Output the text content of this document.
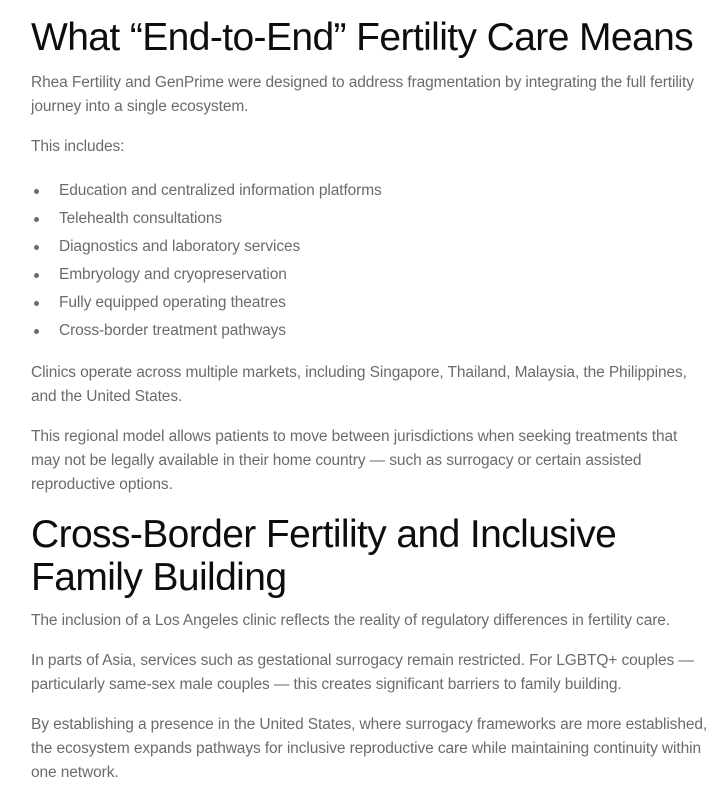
What “End-to-End” Fertility Care Means

Rhea Fertility and GenPrime were designed to address fragmentation by integrating the full fertility journey into a single ecosystem.

This includes:

Education and centralized information platforms
Telehealth consultations
Diagnostics and laboratory services
Embryology and cryopreservation
Fully equipped operating theatres
Cross-border treatment pathways

Clinics operate across multiple markets, including Singapore, Thailand, Malaysia, the Philippines, and the United States.

This regional model allows patients to move between jurisdictions when seeking treatments that may not be legally available in their home country — such as surrogacy or certain assisted reproductive options.

Cross-Border Fertility and Inclusive Family Building

The inclusion of a Los Angeles clinic reflects the reality of regulatory differences in fertility care.

In parts of Asia, services such as gestational surrogacy remain restricted. For LGBTQ+ couples — particularly same-sex male couples — this creates significant barriers to family building.

By establishing a presence in the United States, where surrogacy frameworks are more established, the ecosystem expands pathways for inclusive reproductive care while maintaining continuity within one network.
